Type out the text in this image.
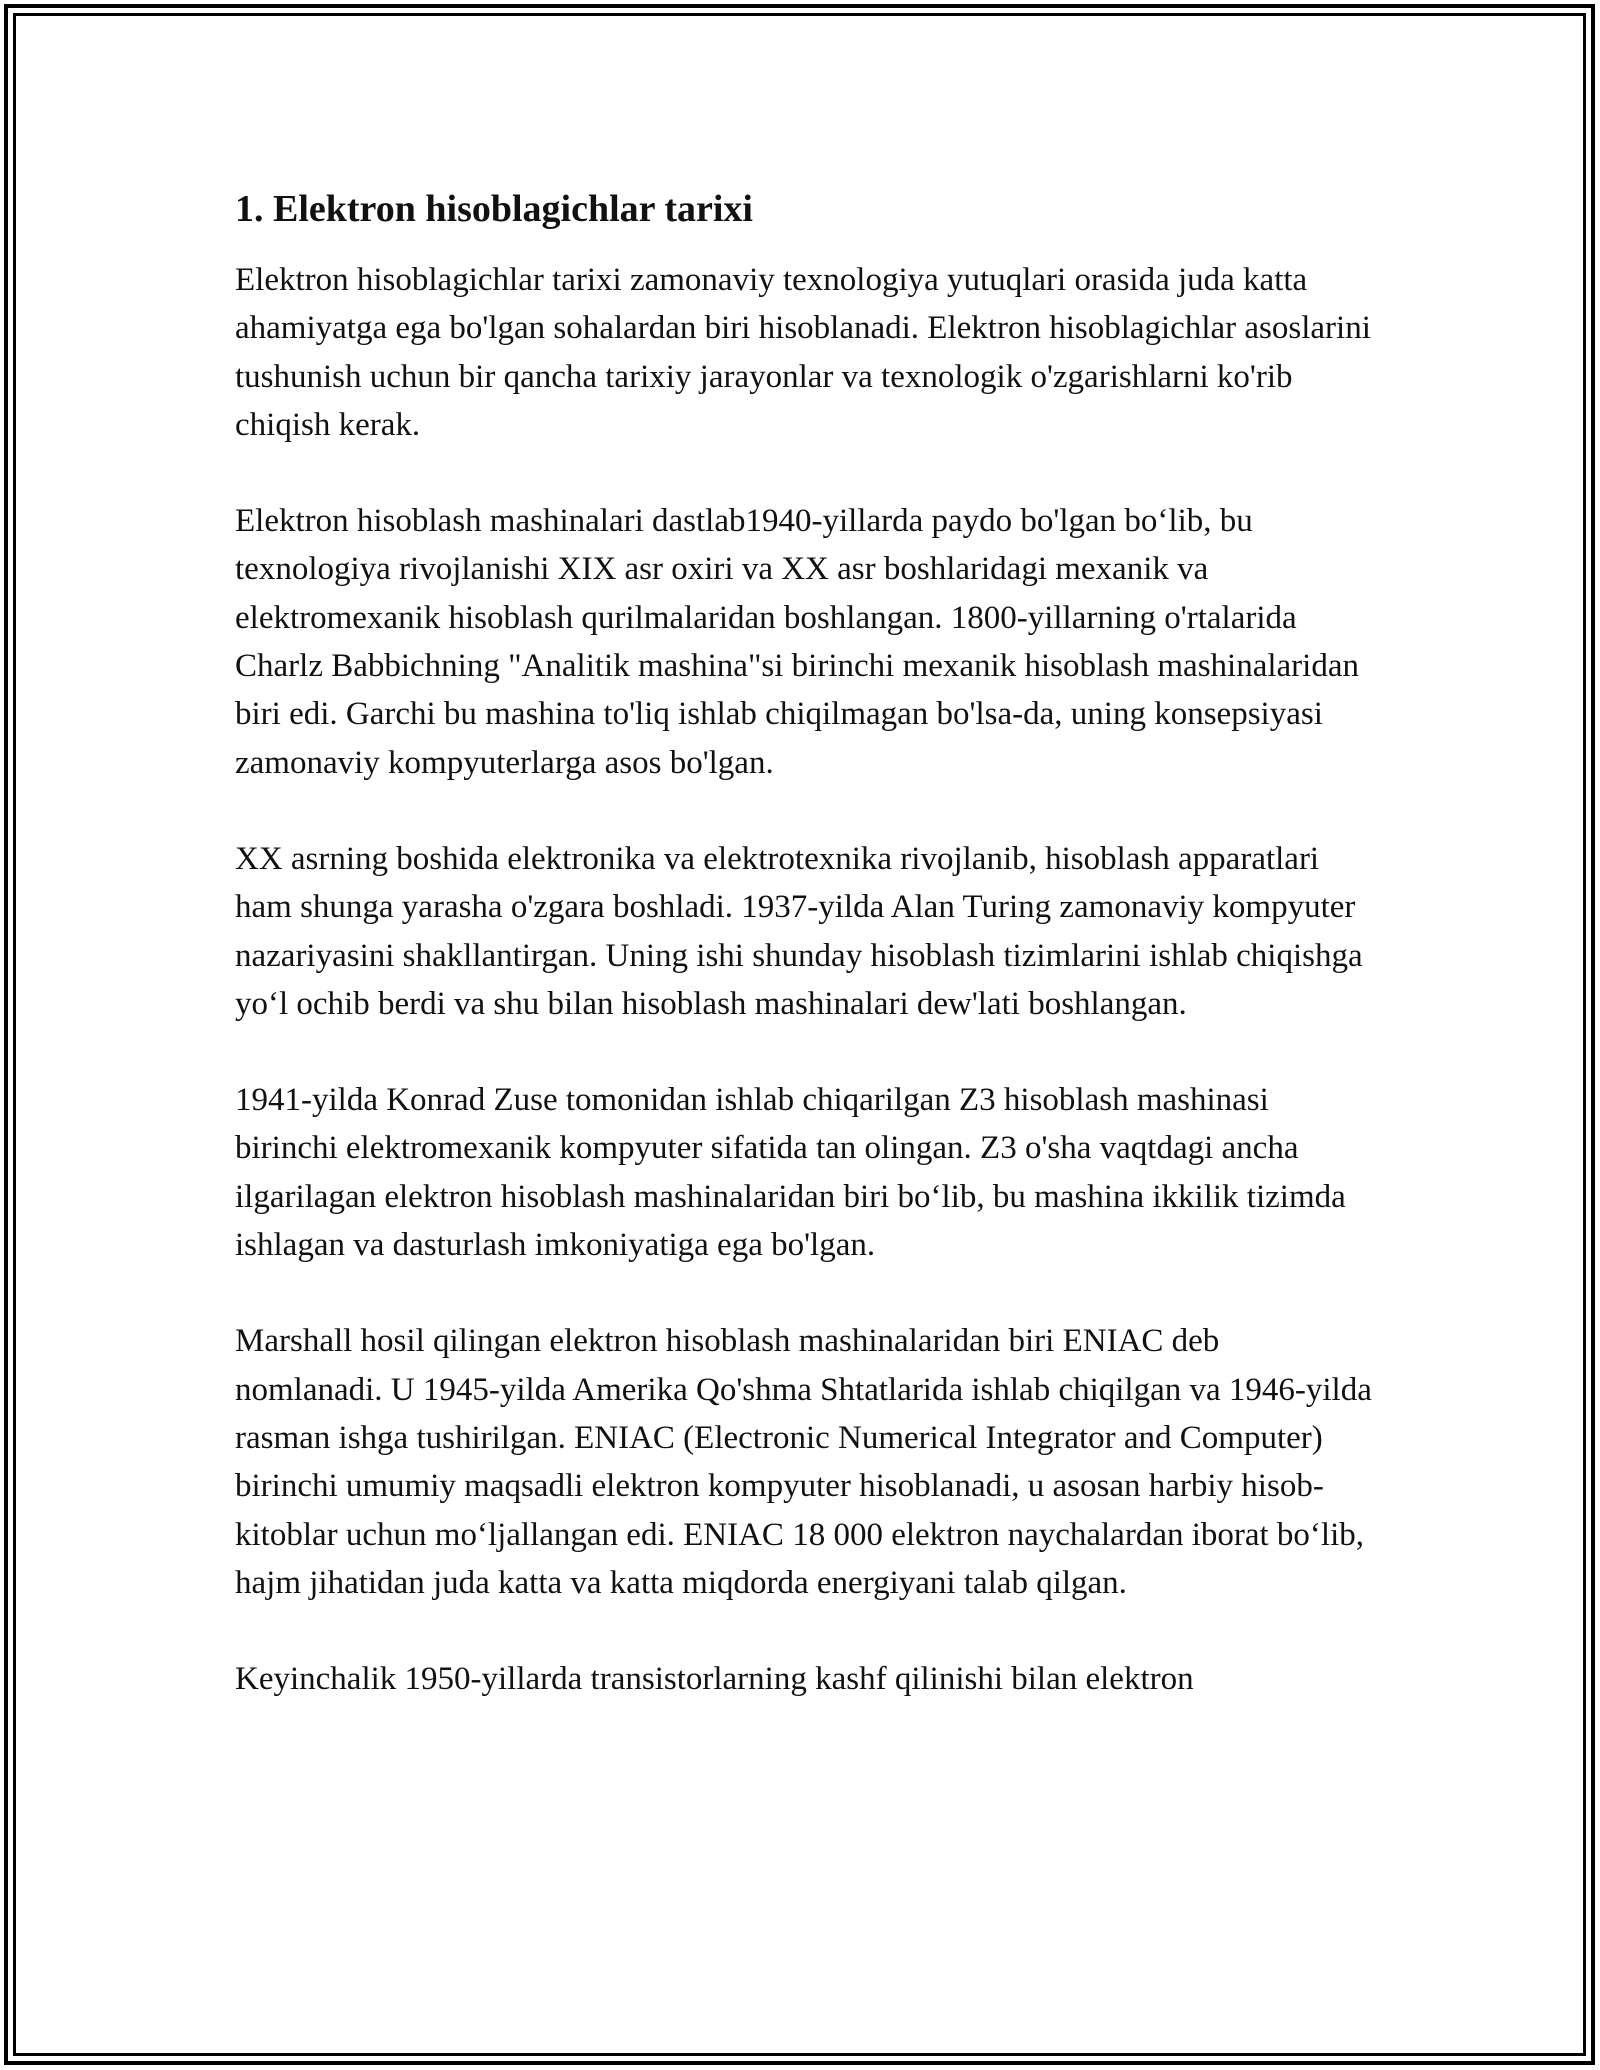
1. Elektron hisoblagichlar tarixi

Elektron hisoblagichlar tarixi zamonaviy texnologiya yutuqlari orasida juda katta ahamiyatga ega bo'lgan sohalardan biri hisoblanadi. Elektron hisoblagichlar asoslarini tushunish uchun bir qancha tarixiy jarayonlar va texnologik o'zgarishlarni ko'rib chiqish kerak.

Elektron hisoblash mashinalari dastlab1940-yillarda paydo bo'lgan bo‘lib, bu texnologiya rivojlanishi XIX asr oxiri va XX asr boshlaridagi mexanik va elektromexanik hisoblash qurilmalaridan boshlangan. 1800-yillarning o'rtalarida Charlz Babbichning "Analitik mashina"si birinchi mexanik hisoblash mashinalaridan biri edi. Garchi bu mashina to'liq ishlab chiqilmagan bo'lsa-da, uning konsepsiyasi zamonaviy kompyuterlarga asos bo'lgan.

XX asrning boshida elektronika va elektrotexnika rivojlanib, hisoblash apparatlari ham shunga yarasha o'zgara boshladi. 1937-yilda Alan Turing zamonaviy kompyuter nazariyasini shakllantirgan. Uning ishi shunday hisoblash tizimlarini ishlab chiqishga yo‘l ochib berdi va shu bilan hisoblash mashinalari dew'lati boshlangan.

1941-yilda Konrad Zuse tomonidan ishlab chiqarilgan Z3 hisoblash mashinasi birinchi elektromexanik kompyuter sifatida tan olingan. Z3 o'sha vaqtdagi ancha ilgarilagan elektron hisoblash mashinalaridan biri bo‘lib, bu mashina ikkilik tizimda ishlagan va dasturlash imkoniyatiga ega bo'lgan.

Marshall hosil qilingan elektron hisoblash mashinalaridan biri ENIAC deb nomlanadi. U 1945-yilda Amerika Qo'shma Shtatlarida ishlab chiqilgan va 1946-yilda rasman ishga tushirilgan. ENIAC (Electronic Numerical Integrator and Computer) birinchi umumiy maqsadli elektron kompyuter hisoblanadi, u asosan harbiy hisob-kitoblar uchun mo‘ljallangan edi. ENIAC 18 000 elektron naychalardan iborat bo‘lib, hajm jihatidan juda katta va katta miqdorda energiyani talab qilgan.

Keyinchalik 1950-yillarda transistorlarning kashf qilinishi bilan elektron
